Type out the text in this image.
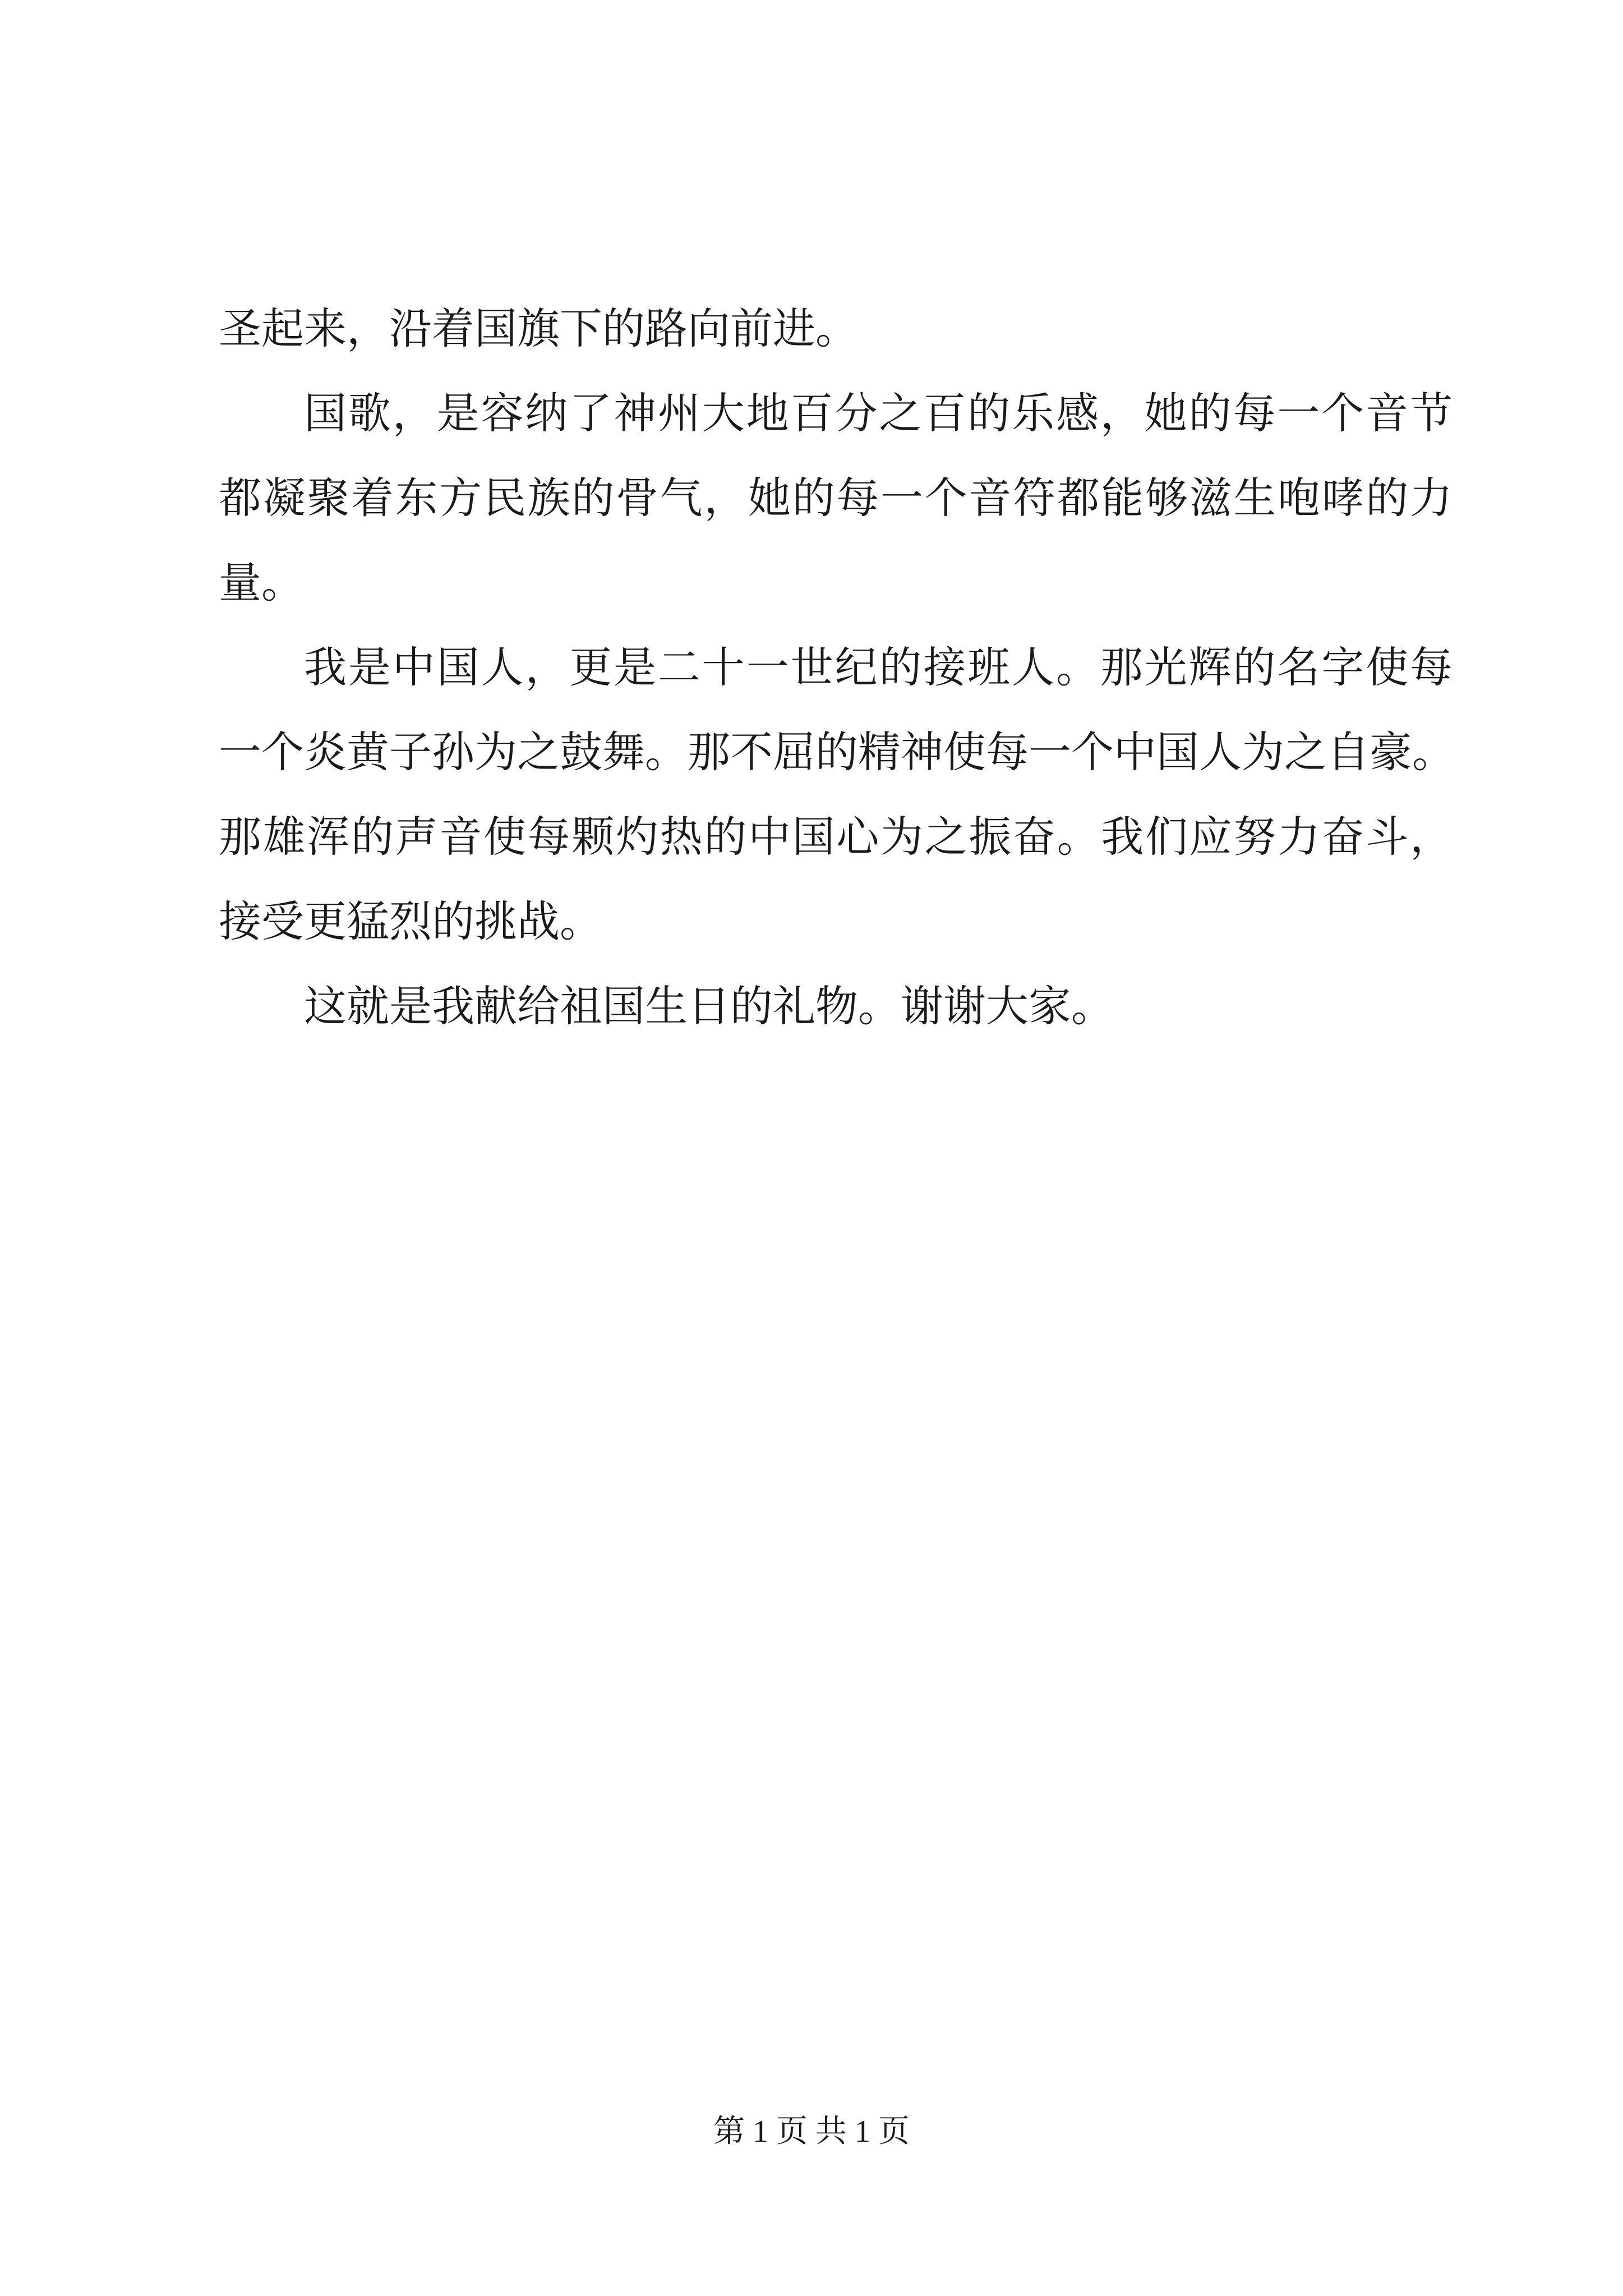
圣起来，沿着国旗下的路向前进。
国歌，是容纳了神州大地百分之百的乐感，她的每一个音节
都凝聚着东方民族的骨气，她的每一个音符都能够滋生咆哮的力
量。
我是中国人，更是二十一世纪的接班人。那光辉的名字使每
一个炎黄子孙为之鼓舞。那不屈的精神使每一个中国人为之自豪。
那雄浑的声音使每颗灼热的中国心为之振奋。我们应努力奋斗，
接受更猛烈的挑战。
这就是我献给祖国生日的礼物。谢谢大家。
第 1 页 共 1 页
